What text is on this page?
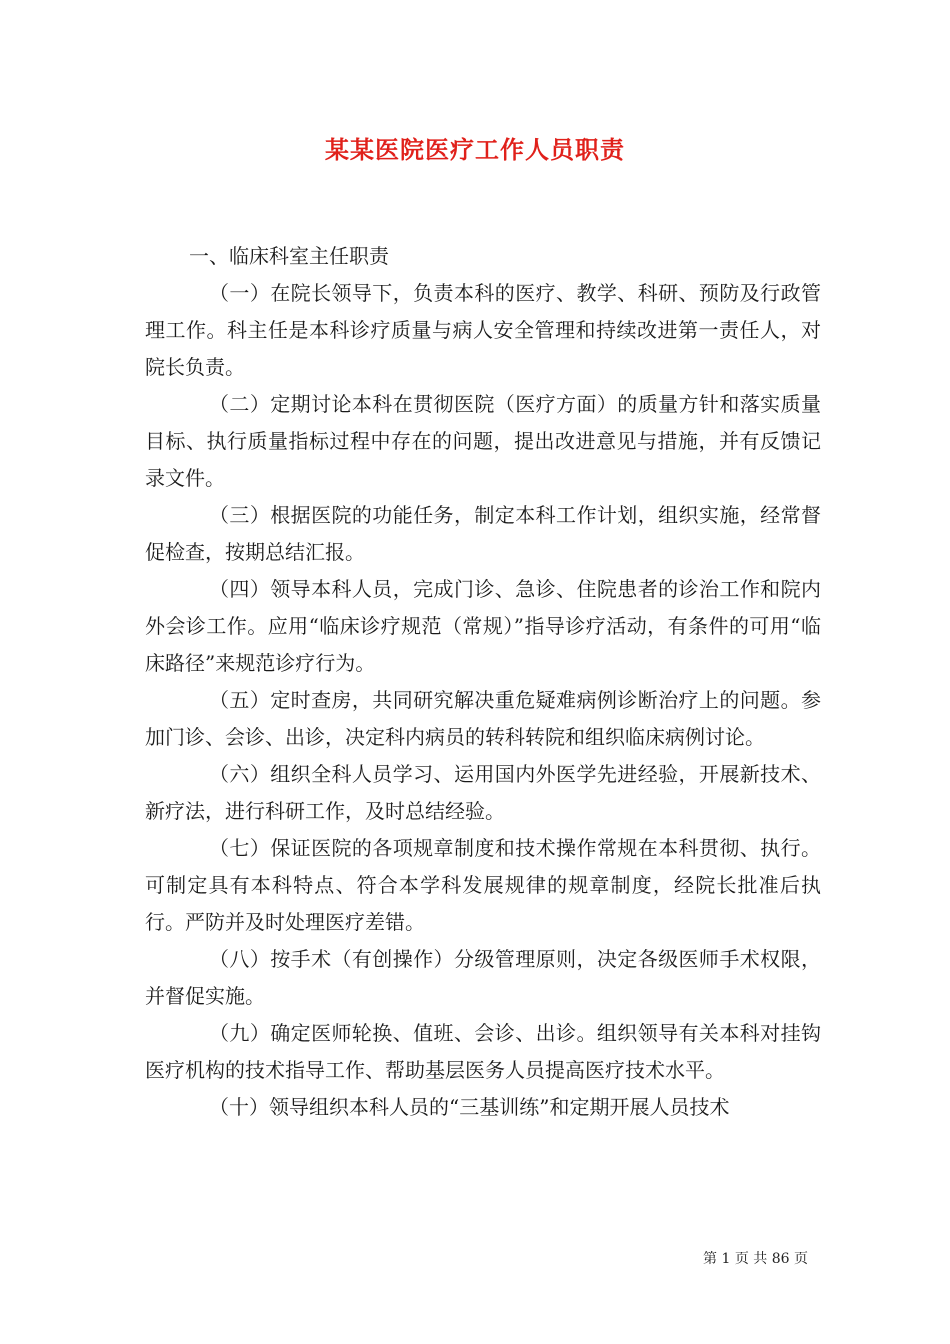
某某医院医疗工作人员职责

一、临床科室主任职责

（一）在院长领导下，负责本科的医疗、教学、科研、预防及行政管理工作。科主任是本科诊疗质量与病人安全管理和持续改进第一责任人，对院长负责。

（二）定期讨论本科在贯彻医院（医疗方面）的质量方针和落实质量目标、执行质量指标过程中存在的问题，提出改进意见与措施，并有反馈记录文件。

（三）根据医院的功能任务，制定本科工作计划，组织实施，经常督促检查，按期总结汇报。

（四）领导本科人员，完成门诊、急诊、住院患者的诊治工作和院内外会诊工作。应用“临床诊疗规范（常规）”指导诊疗活动，有条件的可用“临床路径”来规范诊疗行为。

（五）定时查房，共同研究解决重危疑难病例诊断治疗上的问题。参加门诊、会诊、出诊，决定科内病员的转科转院和组织临床病例讨论。

（六）组织全科人员学习、运用国内外医学先进经验，开展新技术、新疗法，进行科研工作，及时总结经验。

（七）保证医院的各项规章制度和技术操作常规在本科贯彻、执行。可制定具有本科特点、符合本学科发展规律的规章制度，经院长批准后执行。严防并及时处理医疗差错。

（八）按手术（有创操作）分级管理原则，决定各级医师手术权限，并督促实施。

（九）确定医师轮换、值班、会诊、出诊。组织领导有关本科对挂钩医疗机构的技术指导工作、帮助基层医务人员提高医疗技术水平。

（十）领导组织本科人员的“三基训练”和定期开展人员技术

第 1 页 共 86 页
